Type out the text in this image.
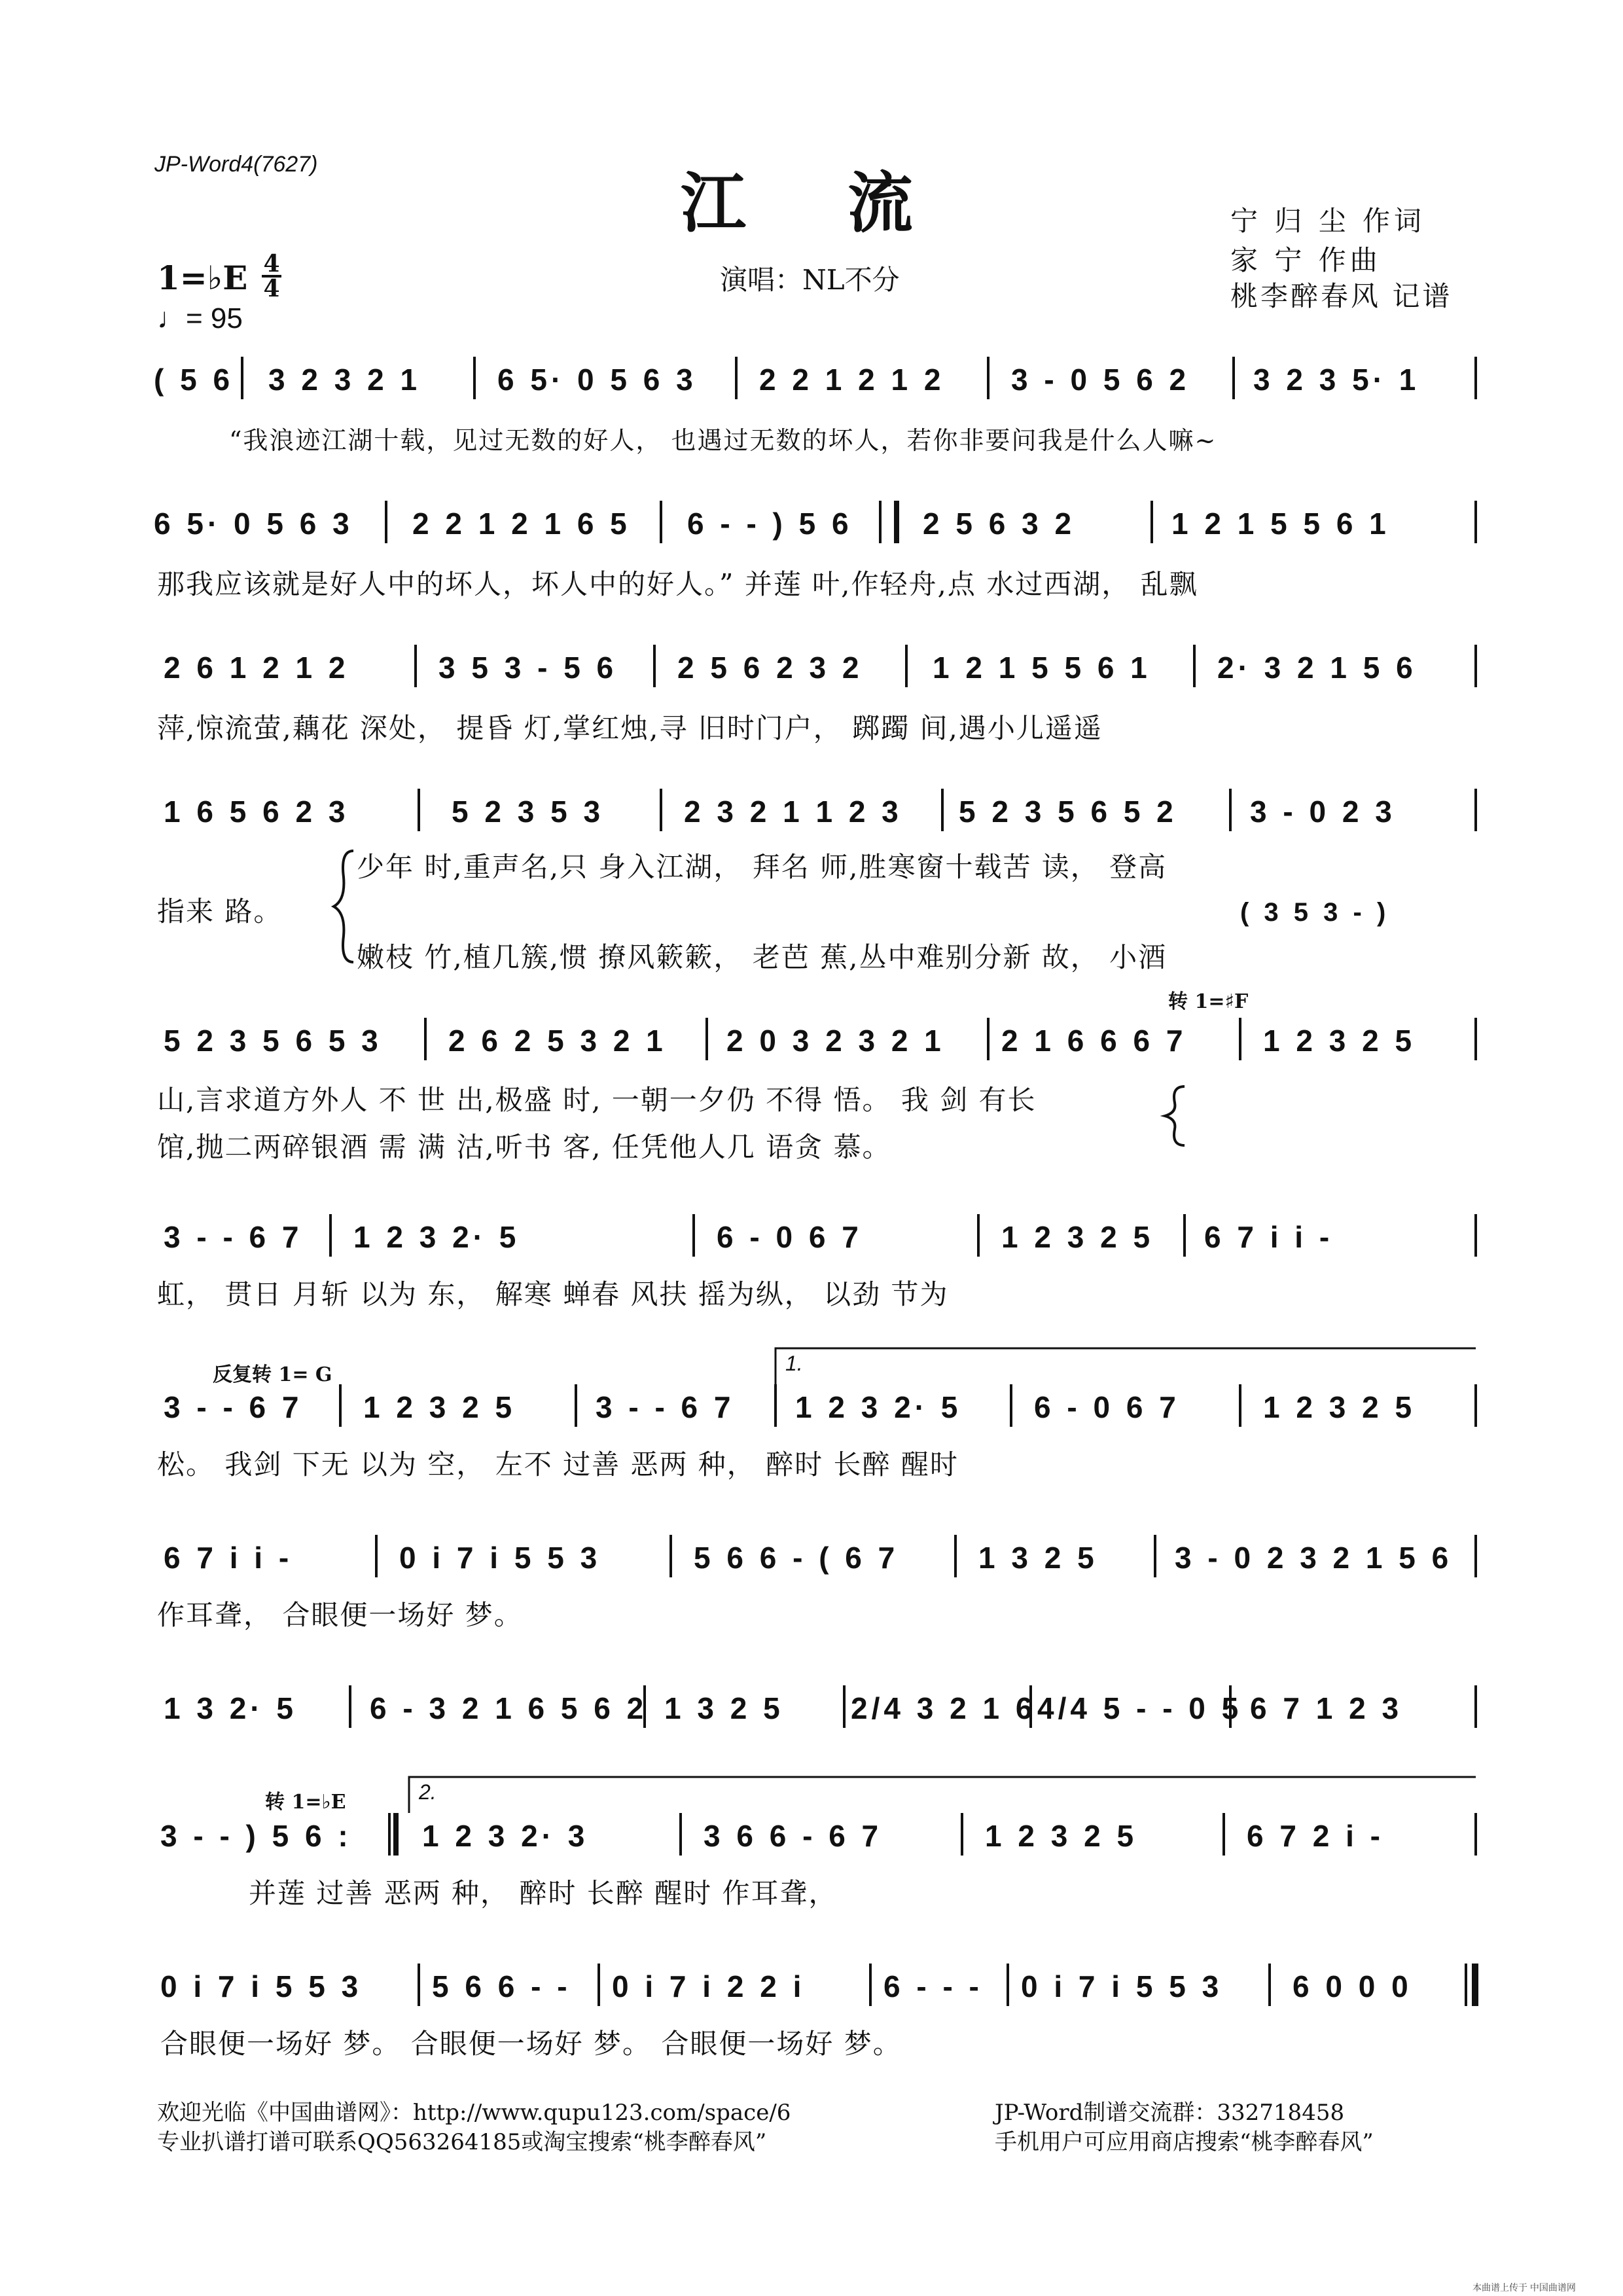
JP-Word4(7627)	江 流	宁 归 尘 作词
家 宁 作曲
桃李醉春风 记谱
演唱：NL不分
1=♭E 4
4
♩= 95
1.
2.
( 5 6 3 2 3 2 1	6 5· 0 5 6 3 2 2 1 2 1 2 3 - 0 5 6 2 3 2 3 5· 1
“我浪迹江湖十载，见过无数的好人， 也遇过无数的坏人，若你非要问我是什么人嘛~
6 5· 0 5 6 3 2 2 1 2 1 6 5 6 - - ) 5 6 2 5 6 3 2	1 2 1 5 5 6 1
那我应该就是好人中的坏人，坏人中的好人。” 并莲 叶,作轻舟,点 水过西湖， 乱飘
2 6 1 2 1 2	3 5 3 - 5 6 2 5 6 2 3 2 1 2 1 5 5 6 1 2· 3 2 1 5 6
萍,惊流萤,藕花 深处， 提昏 灯,掌红烛,寻 旧时门户， 踯躅 间,遇小儿遥遥
1 6 5 6 2 3	5 2 3 5 3	2 3 2 1 1 2 3 5 2 3 5 6 5 2 3 - 0 2 3
少年 时,重声名,只 身入江湖， 拜名 师,胜寒窗十载苦 读， 登高
指来 路。
嫩枝 竹,植几簇,惯 撩风簌簌， 老芭 蕉,丛中难别分新 故， 小酒
( 3 5 3 - )
转 1=♯F
5 2 3 5 6 5 3 2 6 2 5 3 2 1 2 0 3 2 3 2 1 2 1 6 6 6 7	1 2 3 2 5
山,言求道方外人 不 世 出,极盛 时, 一朝一夕仍 不得 悟。 我 剑 有长
馆,抛二两碎银酒 需 满 沽,听书 客, 任凭他人几 语贪 慕。
3 - - 6 7 1 2 3 2· 5	6 - 0 6 7	1 2 3 2 5 6 7 i i -
虹， 贯日 月斩 以为 东， 解寒 蝉春 风扶 摇为纵， 以劲 节为
反复转 1= G
3 - - 6 7 1 2 3 2 5	3 - - 6 7 1 2 3 2· 5 6 - 0 6 7	1 2 3 2 5
松。 我剑 下无 以为 空， 左不 过善 恶两 种， 醉时 长醉 醒时
6 7 i i -	0 i 7 i 5 5 3	5 6 6 - ( 6 7	1 3 2 5	3 - 0 2 3 2 1 5 6
作耳聋， 合眼便一场好 梦。
1 3 2· 5 6 - 3 2 1 6 5 6 2 1 3 2 5 2/4 3 2 1 6 4/4 5 - - 0 5 6 7 1 2 3
转 1=♭E
3 - - ) 5 6 : 1 2 3 2· 3	3 6 6 - 6 7	1 2 3 2 5	6 7 2 i -
并莲 过善 恶两 种， 醉时 长醉 醒时 作耳聋，
0 i 7 i 5 5 3 5 6 6 - - 0 i 7 i 2 2 i	6 - - - 0 i 7 i 5 5 3 6 0 0 0
合眼便一场好 梦。 合眼便一场好 梦。 合眼便一场好 梦。
欢迎光临《中国曲谱网》：http://www.qupu123.com/space/6	JP-Word制谱交流群：332718458
专业扒谱打谱可联系QQ563264185或淘宝搜索“桃李醉春风”	手机用户可应用商店搜索“桃李醉春风”
本曲谱上传于 中国曲谱网
